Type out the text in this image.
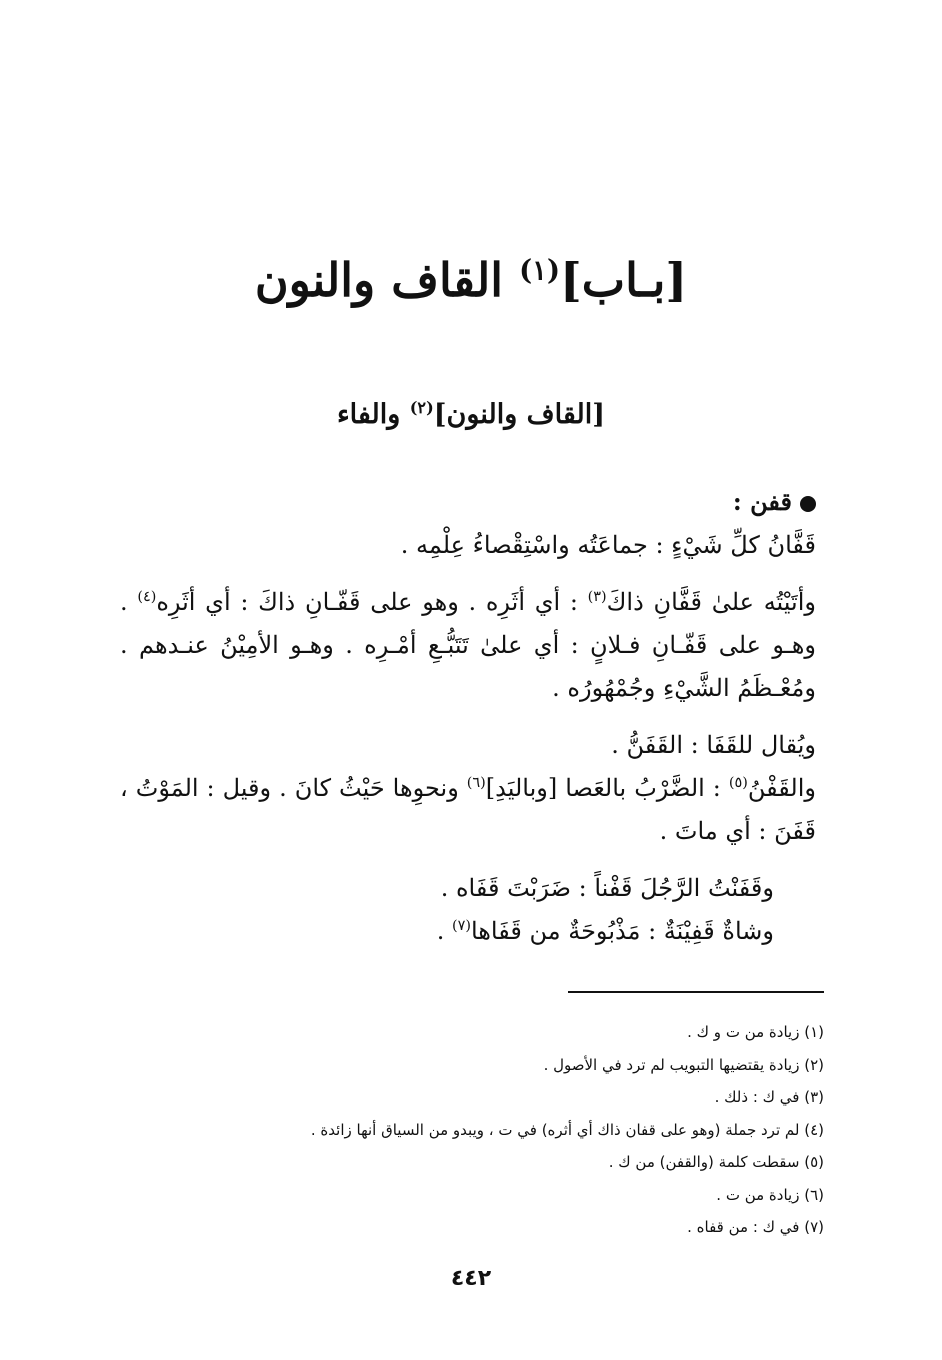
[بـاب]$^{(١)}$ القاف والنون
[القاف والنون]$^{(٢)}$ والفاء

قفن :

قَفَّانُ كلِّ شَيْءٍ : جماعَتُه واسْتِقْصاءُ عِلْمِه .

وأتَيْتُه علىٰ قَفَّانِ ذاكَ$^{(٣)}$ : أي أثَرِه . وهو على قَفّـانِ ذاكَ : أي أثَرِه$^{(٤)}$ . وهـو على قَفّـانِ فـلانٍ : أي علىٰ تَتَبُّـعِ أمْـرِه . وهـو الأمِيْنُ عنـدهم . ومُعْـظَمُ الشَّيْءِ وجُمْهُورُه .

ويُقال للقَفَا : القَفَنُّ .

والقَفْنُ$^{(٥)}$ : الضَّرْبُ بالعَصا [وباليَدِ]$^{(٦)}$ ونحوِها حَيْثُ كانَ . وقيل : المَوْتُ ، قَفَنَ : أي ماتَ .

وقَفَنْتُ الرَّجُلَ قَفْناً : ضَرَبْتَ قَفَاه .

وشاةٌ قَفِيْنَةٌ : مَذْبُوحَةٌ من قَفَاها$^{(٧)}$ .

(١) زيادة من ت و ك .
(٢) زيادة يقتضيها التبويب لم ترد في الأصول .
(٣) في ك : ذلك .
(٤) لم ترد جملة (وهو على قفان ذاك أي أثره) في ت ، ويبدو من السياق أنها زائدة .
(٥) سقطت كلمة (والقفن) من ك .
(٦) زيادة من ت .
(٧) في ك : من قفاه .
٤٤٢
